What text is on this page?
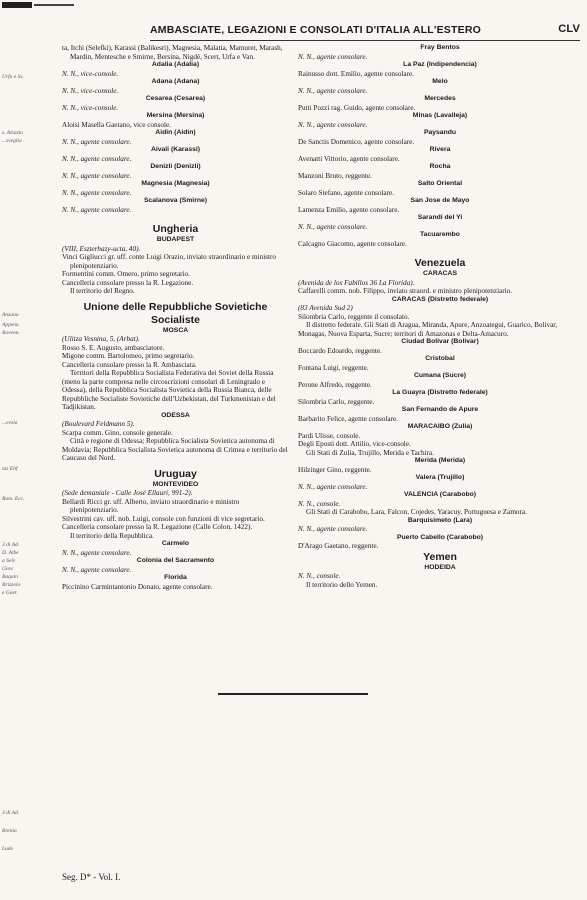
AMBASCIATE, LEGAZIONI E CONSOLATI D'ITALIA ALL'ESTERO	CLV
Urfa e Ss.
s. Alsazio
...sveglia
Anzano
Appenz.
Ravenn.
...erola
iaz Ehf
Ram. Ecc.
3 di Ad.
D. Albe
a Selv
Giov.
Baquin
Brizzolo
e Gaet.
3 di Ad.
Brenta
Ludo

ta, Itchi (Selefki), Karassi (Balikesri), Magnesia, Malatia, Mamuret, Marash, Mardin, Mentesche e Smirne, Bersina, Nigdè, Scert, Urfa e Van.

Adalia (Adalia)

N. N., vice-console.

Adana (Adana)

N. N., vice-console.

Cesarea (Cesarea)

N. N., vice-console.

Mersina (Mersina)

Aloisi Masella Gaetano, vice console.

Aidin (Aidin)

N. N., agente consolare.

Aivali (Karassi)

N. N., agente consolare.

Denizli (Denizli)

N. N., agente consolare.

Magnesia (Magnesia)

N. N., agente consolare.

Scalanova (Smirne)

N. N., agente consolare.

Ungheria

BUDAPEST

(VIII, Eszterhazy-ucta, 40).

Vinci Gigliucci gr. uff. conte Luigi Orazio, inviato straordinario e ministro plenipotenziario.

Formentini comm. Omero, primo segretario.

Cancelleria consolare presso la R. Legazione.

Il territorio del Regno.

Unione delle Repubbliche Sovietiche Socialiste

MOSCA

(Ulitza Vesnina, 5, (Arbat).

Rosso S. E. Augusto, ambasciatore.

Migone comm. Bartolomeo, primo segretario.

Cancelleria consolare presso la R. Ambasciata.

Territori della Repubblica Socialista Federativa dei Soviet della Russia (meno la parte compresa nelle circoscrizioni consolari di Leningrado e Odessa), della Repubblica Socialista Sovietica della Russia Bianca, delle Repubbliche Socialiste Sovietiche dell'Uzbekistan, del Turkmenistan e del Tadjikistan.

ODESSA

(Boulevard Feldmann 5).

Scarpa comm. Gino, console generale.

Città e regione di Odessa; Repubblica Socialista Sovietica autonoma di Moldavia; Repubblica Socialista Sovietica autonoma di Crimea e territorio del Caucaso del Nord.

Uruguay

MONTEVIDEO

(Sede demaniale - Calle José Ellauri, 991-2).

Bellardi Ricci gr. uff. Alberto, inviato straordinario e ministro plenipotenziario.

Silvestrini cav. uff. nob. Luigi, console con funzioni di vice segretario.

Cancelleria consolare presso la R. Legazione (Calle Colon, 1422).

Il territorio della Repubblica.

Carmelo

N. N., agente consolare.

Colonia del Sacramento

N. N., agente consolare.

Florida

Piccinino Carmintantonio Donato, agente consolare.

Fray Bentos

N. N., agente consolare.

La Paz (Indipendencia)

Rainusso dott. Emilio, agente consolare.

Melo

N. N., agente consolare.

Mercedes

Putti Pozzi rag. Guido, agente consolare.

Minas (Lavalleja)

N. N., agente consolare.

Paysandu

De Sanctis Domenico, agente consolare.

Rivera

Avenatti Vittorio, agente consolare.

Rocha

Manzoni Bruto, reggente.

Salto Oriental

Solaro Stefano, agente consolare.

San Jose de Mayo

Lamenza Emilio, agente consolare.

Sarandi del Yi

N. N., agente consolare.

Tacuarembo

Calcagno Giacomo, agente consolare.

Venezuela

CARACAS

(Avenida de los Fabillos 36 La Florida).

Caffarelli comm. nob. Filippo, inviato straord. e ministro plenipotenziario.

CARACAS (Distretto federale)

(83 Avenida Sud 2)

Silombria Carlo, reggente il consolato.

Il distretto federale. Gli Stati di Aragua, Miranda, Apure, Anzoategui, Guarico, Bolivar, Monagas, Nuova Esparta, Sucre; territori di Amazonas e Delta-Amacuro.

Ciudad Bolivar (Bolivar)

Boccardo Edoardo, reggente.

Cristobal

Fontana Luigi, reggente.

Cumana (Sucre)

Perone Alfredo, reggente.

La Guayra (Distretto federale)

Silombria Carlo, reggente.

San Fernando de Apure

Barbarito Felice, agente consolare.

MARACAIBO (Zulia)

Pardi Ulisse, console.

Degli Eposti dott. Attilio, vice-console.

Gli Stati di Zulia, Trujillo, Merida e Tachira.

Merida (Merida)

Hilzinger Gino, reggente.

Valera (Trujillo)

N. N., agente consolare.

VALENCIA (Carabobo)

N. N., console.

Gli Stati di Carabobo, Lara, Falcon, Cojedes, Yaracuy, Portuguesa e Zamora.

Barquisimeto (Lara)

N. N., agente consolare.

Puerto Cabello (Carabobo)

D'Arago Gaetano, reggente.

Yemen

HODEIDA

N. N., console.

Il territorio dello Yemen.

Seg. D* - Vol. I.
